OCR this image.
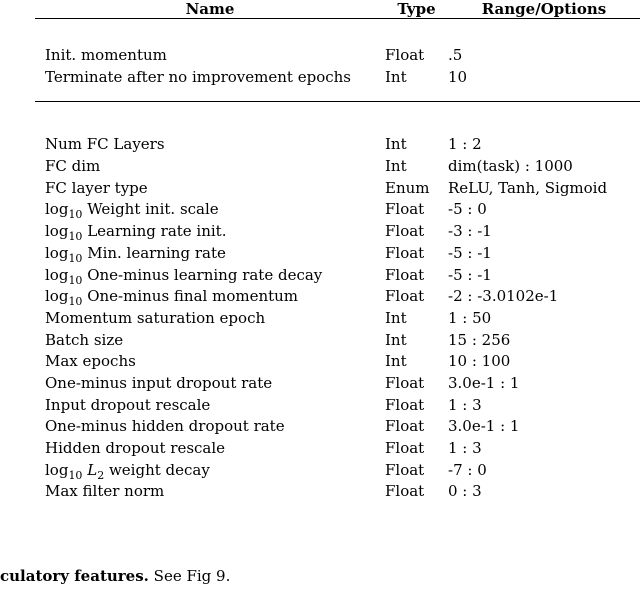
Name	Type	Range/Options
Init. momentum	Float	.5
Terminate after no improvement epochs	Int	10
Num FC Layers	Int	1 : 2
FC dim	Int	dim(task) : 1000
FC layer type	Enum	ReLU, Tanh, Sigmoid
$\log_{10}$ Weight init. scale	Float	-5 : 0
$\log_{10}$ Learning rate init.	Float	-3 : -1
$\log_{10}$ Min. learning rate	Float	-5 : -1
$\log_{10}$ One-minus learning rate decay	Float	-5 : -1
$\log_{10}$ One-minus final momentum	Float	-2 : -3.0102e-1
Momentum saturation epoch	Int	1 : 50
Batch size	Int	15 : 256
Max epochs	Int	10 : 100
One-minus input dropout rate	Float	3.0e-1 : 1
Input dropout rescale	Float	1 : 3
One-minus hidden dropout rate	Float	3.0e-1 : 1
Hidden dropout rescale	Float	1 : 3
$\log_{10} L_2$ weight decay	Float	-7 : 0
Max filter norm	Float	0 : 3
culatory features. See Fig 9.
